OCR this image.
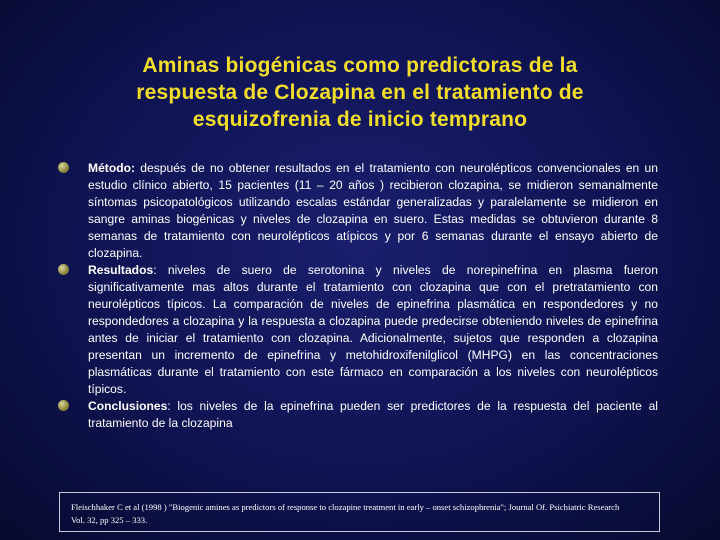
Aminas biogénicas como predictoras de la
respuesta de Clozapina en el tratamiento de
esquizofrenia de inicio temprano
Método: después de no obtener resultados en el tratamiento con neurolépticos convencionales en un estudio clínico abierto, 15 pacientes (11 – 20 años ) recibieron clozapina, se midieron semanalmente síntomas psicopatológicos utilizando escalas estándar generalizadas y paralelamente se midieron en sangre aminas biogénicas y niveles de clozapina en suero. Estas medidas se obtuvieron durante 8 semanas de tratamiento con neurolépticos atípicos y por 6 semanas durante el ensayo abierto de clozapina.
Resultados: niveles de suero de serotonina y niveles de norepinefrina en plasma fueron significativamente mas altos durante el tratamiento con clozapina que con el pretratamiento con neurolépticos típicos. La comparación de niveles de epinefrina plasmática en respondedores y no respondedores a clozapina y la respuesta a clozapina puede predecirse obteniendo niveles de epinefrina antes de iniciar el tratamiento con clozapina. Adicionalmente, sujetos que responden a clozapina presentan un incremento de epinefrina y metohidroxifenilglicol (MHPG) en las concentraciones plasmáticas durante el tratamiento con este fármaco en comparación a los niveles con neurolépticos típicos.
Conclusiones: los niveles de la epinefrina pueden ser predictores de la respuesta del paciente al tratamiento de la clozapina
Fleischhaker C et al (1998 ) "Biogenic amines as predictors of response to clozapine treatment in early – onset schizophrenia"; Journal Of. Psichiatric Research
Vol. 32, pp 325 – 333.
